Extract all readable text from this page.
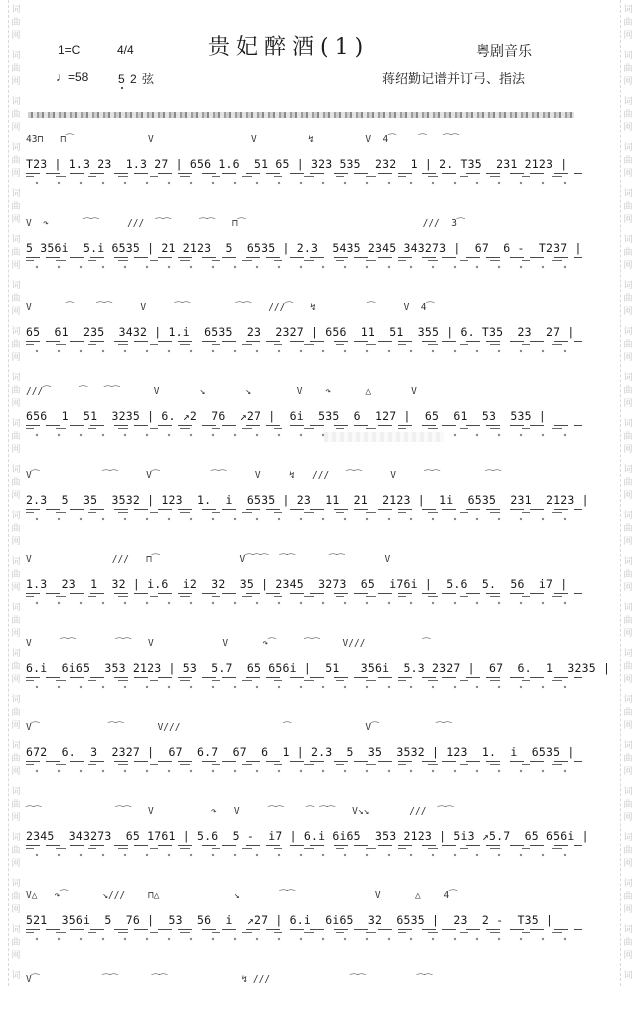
词
曲
网
词
曲
网
词
曲
网
词
曲
网
词
曲
网
词
曲
网
词
曲
网
词
曲
网
词
曲
网
词
曲
网
词
曲
网
词
曲
网
词
曲
网
词
曲
网
词
曲
网
词
曲
网
词
曲
网
词
曲
网
词
曲
网
词
曲
网
词
曲
网
词
词
曲
网
词
曲
网
词
曲
网
词
曲
网
词
曲
网
词
曲
网
词
曲
网
词
曲
网
词
曲
网
词
曲
网
词
曲
网
词
曲
网
词
曲
网
词
曲
网
词
曲
网
词
曲
网
词
曲
网
词
曲
网
词
曲
网
词
曲
网
词
曲
网
词
1=C	4/4
♩=58 5 2 弦
贵妃醉酒(1)	粤剧音乐
蒋绍勤记谱并订弓、指法
43⊓   ⊓⁀             V                 V         ↯         V  4⁀    ⁀   ⁀⁀
T23 | 1.3 23  1.3 27 | 656 1.6  51 65 | 323 535  232  1 | 2. T35  231 2123 |
V  ↷      ⁀⁀     ///  ⁀⁀     ⁀⁀   ⊓⁀                               ///  3⁀
5 356i  5.i 6535 | 21 2123  5  6535 | 2.3  5435 2345 343273 |  67  6 -  T237 |
V      ⁀    ⁀⁀     V     ⁀⁀        ⁀⁀   ///⁀   ↯         ⁀     V  4⁀
65  61  235  3432 | 1.i  6535  23  2327 | 656  11  51  355 | 6. T35  23  27 |
///⁀     ⁀   ⁀⁀      V       ↘       ↘        V    ↷      △       V
656  1  51  3235 | 6. ↗2  76  ↗27 |  6i  535  6  127 |  65  61  53  535 |
V⁀           ⁀⁀     V⁀         ⁀⁀     V     ↯   ///   ⁀⁀     V     ⁀⁀        ⁀⁀
2.3  5  35  3532 | 123  1.  i  6535 | 23  11  21  2123 |  1i  6535  231  2123 |
V              ///   ⊓⁀              V⁀⁀⁀  ⁀⁀      ⁀⁀       V
1.3  23  1  32 | i.6  i2  32  35 | 2345  3273  65  i76i |  5.6  5.  56  i7 |
V     ⁀⁀       ⁀⁀   V            V      ↷⁀     ⁀⁀    V///          ⁀
6.i  6i65  353 2123 | 53  5.7  65 656i |  51   356i  5.3 2327 |  67  6.  1  3235 |
V⁀            ⁀⁀      V///                  ⁀             V⁀          ⁀⁀
672  6.  3  2327 |  67  6.7  67  6  1 | 2.3  5  35  3532 | 123  1.  i  6535 |
⁀⁀             ⁀⁀   V          ↷   V     ⁀⁀    ⁀ ⁀⁀   V↘↘       ///  ⁀⁀
2345  343273  65 1761 | 5.6  5 -  i7 | 6.i 6i65  353 2123 | 5i3 ↗5.7  65 656i |
V△   ↷⁀      ↘///    ⊓△             ↘       ⁀⁀              V      △    4⁀
521  356i  5  76 |  53  56  i  ↗27 | 6.i  6i65  32  6535 |  23  2 -  T35 |
V⁀           ⁀⁀      ⁀⁀             ↯ ///              ⁀⁀         ⁀⁀
